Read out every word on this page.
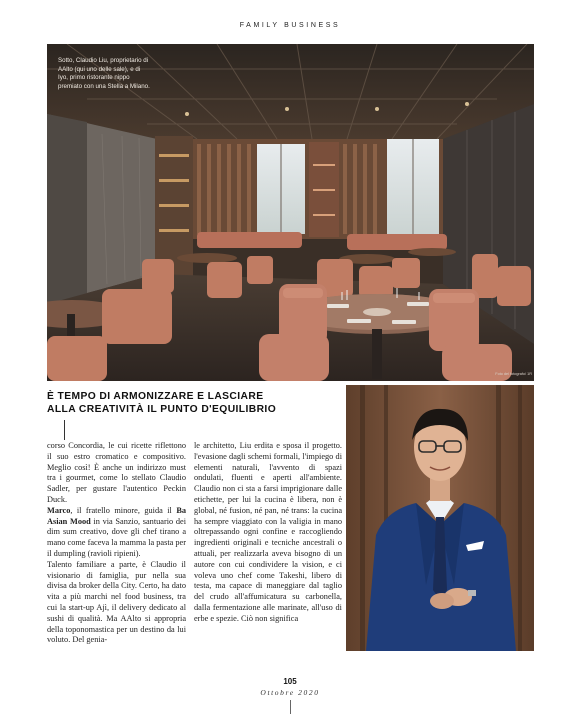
FAMILY BUSINESS
Sotto, Claudio Liu, proprietario di AAlto (qui uno delle sale), e di Iyo, primo ristorante nippo premiato con una Stella a Milano.
Foto del fotografo/ 1R
È TEMPO DI ARMONIZZARE E LASCIARE
ALLA CREATIVITÀ IL PUNTO D'EQUILIBRIO

corso Concordia, le cui ricette riflettono il suo estro cromatico e compositivo. Meglio così! È anche un indirizzo must tra i gourmet, come lo stellato Claudio Sadler, per gustare l'autentico Peckin Duck.

Marco, il fratello minore, guida il Ba Asian Mood in via Sanzio, santuario dei dim sum creativo, dove gli chef tirano a mano come faceva la mamma la pasta per il dumpling (ravioli ripieni).

Talento familiare a parte, è Claudio il visionario di famiglia, pur nella sua divisa da broker della City. Certo, ha dato vita a più marchi nel food business, tra cui la start-up Ajì, il delivery dedicato al sushi di qualità. Ma AAlto si appropria della toponomastica per un destino da lui voluto. Del genia-

le architetto, Liu erdita e sposa il progetto. l'evasione dagli schemi formali, l'impiego di elementi naturali, l'avvento di spazi ondulati, fluenti e aperti all'ambiente. Claudio non ci sta a farsi imprigionare dalle etichette, per lui la cucina è libera, non è global, né fusion, né pan, né trans: la cucina ha sempre viaggiato con la valigia in mano oltrepassando ogni confine e raccogliendo ingredienti originali e tecniche ancestrali o attuali, per realizzarla aveva bisogno di un autore con cui condividere la vision, e ci voleva uno chef come Takeshi, libero di testa, ma capace di maneggiare dal taglio del crudo all'affumicatura su carbonella, dalla fermentazione alle marinate, all'uso di erbe e spezie. Ciò non significa

105
Ottobre 2020
